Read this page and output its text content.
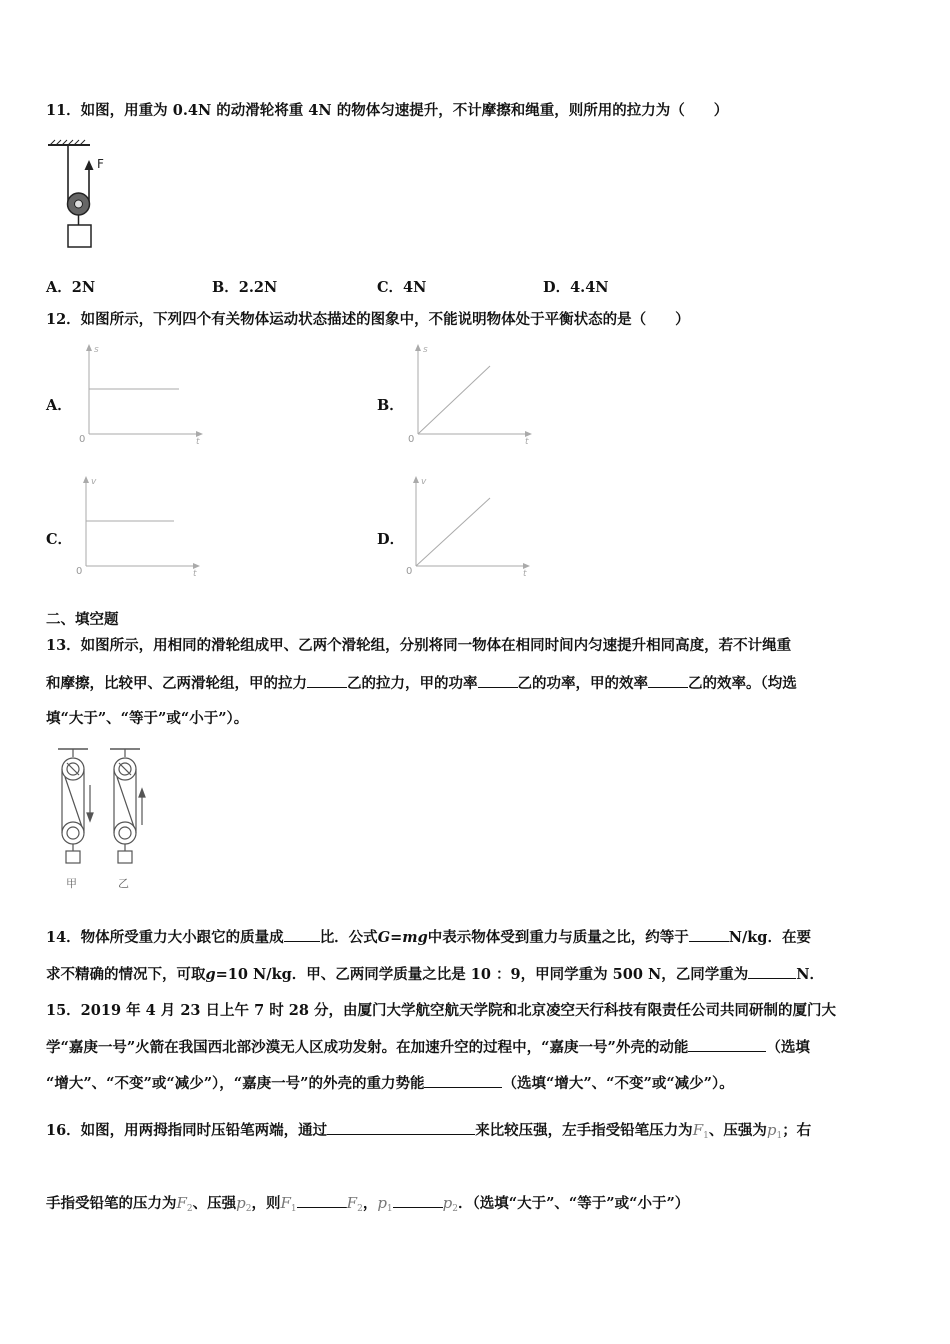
11．如图，用重为 0.4N 的动滑轮将重 4N 的物体匀速提升，不计摩擦和绳重，则所用的拉力为（　　）
F
A．2N	B．2.2N	C．4N	D．4.4N
12．如图所示，下列四个有关物体运动状态描述的图象中，不能说明物体处于平衡状态的是（　　）
A．
s
t
0
B．
s
t
0
C．
v
t
0
D．
v
t
0
二、填空题
13．如图所示，用相同的滑轮组成甲、乙两个滑轮组，分别将同一物体在相同时间内匀速提升相同高度，若不计绳重
和摩擦，比较甲、乙两滑轮组，甲的拉力	乙的拉力，甲的功率	乙的功率，甲的效率	乙的效率。（均选
填“大于”、“等于”或“小于”）。
甲	乙
14．物体所受重力大小跟它的质量成 比．公式G=mg中表示物体受到重力与质量之比，约等于	N/kg．在要
求不精确的情况下，可取g=10 N/kg．甲、乙两同学质量之比是 10 ：9，甲同学重为 500 N，乙同学重为	N．
15．2019 年 4 月 23 日上午 7 时 28 分，由厦门大学航空航天学院和北京凌空天行科技有限责任公司共同研制的厦门大
学“嘉庚一号”火箭在我国西北部沙漠无人区成功发射。在加速升空的过程中，“嘉庚一号”外壳的动能	（选填
“增大”、“不变”或“减少”），“嘉庚一号”的外壳的重力势能	（选填“增大”、“不变”或“减少”）。
16．如图，用两拇指同时压铅笔两端，通过	来比较压强，左手指受铅笔压力为$F_1$、压强为$p_1$；右
手指受铅笔的压力为$F_2$、压强$p_2$，则$F_1$	$F_2$，$p_1$	$p_2$．（选填“大于”、“等于”或“小于”）
